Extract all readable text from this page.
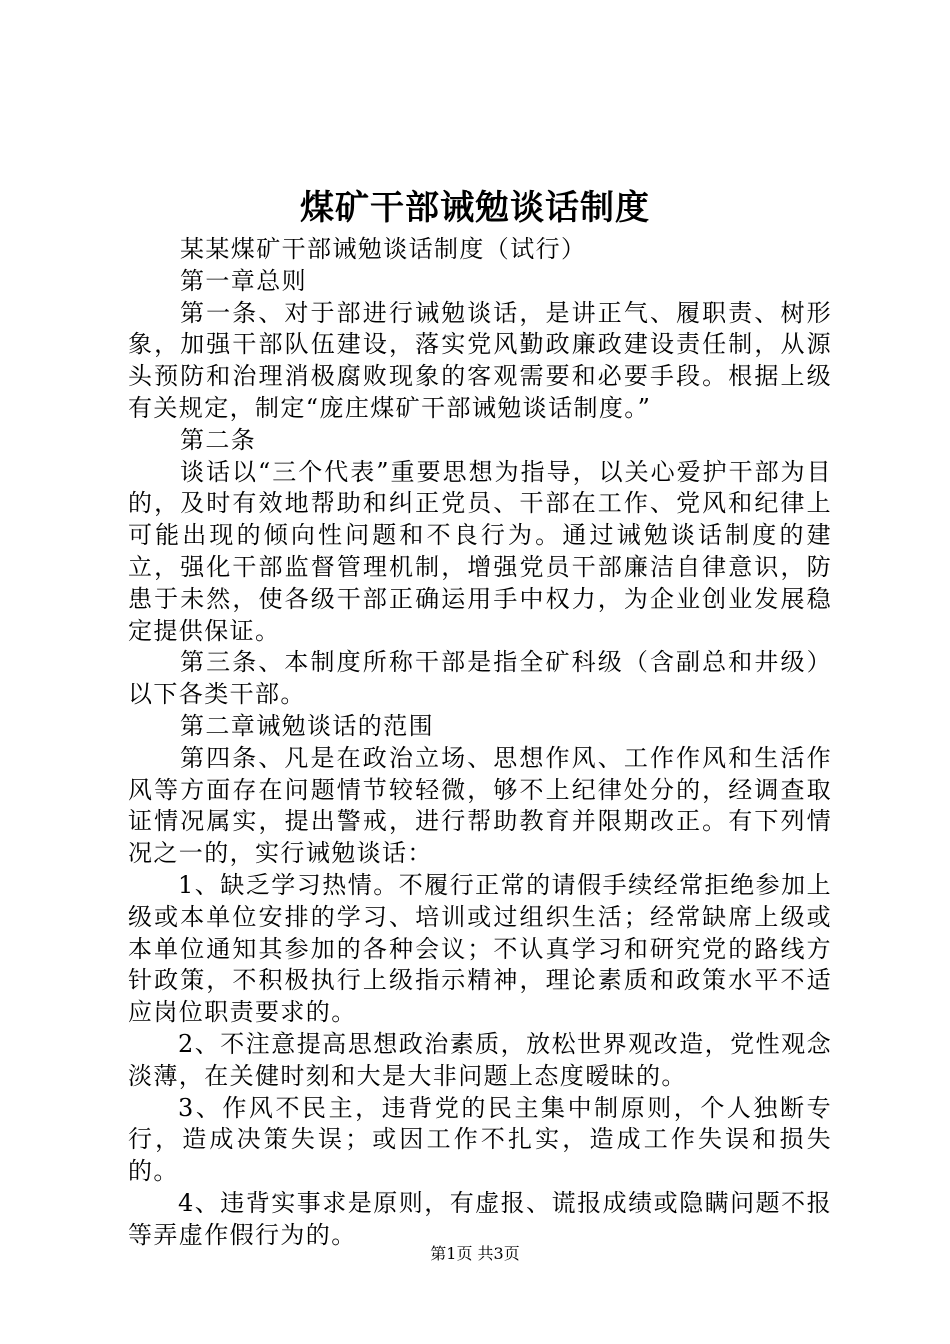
煤矿干部诫勉谈话制度

某某煤矿干部诫勉谈话制度（试行）

第一章总则

第一条、对于部进行诫勉谈话，是讲正气、履职责、树形象，加强干部队伍建设，落实党风勤政廉政建设责任制，从源头预防和治理消极腐败现象的客观需要和必要手段。根据上级有关规定，制定“庞庄煤矿干部诫勉谈话制度。”

第二条

谈话以“三个代表”重要思想为指导，以关心爱护干部为目的，及时有效地帮助和纠正党员、干部在工作、党风和纪律上可能出现的倾向性问题和不良行为。通过诫勉谈话制度的建立，强化干部监督管理机制，增强党员干部廉洁自律意识，防患于未然，使各级干部正确运用手中权力，为企业创业发展稳定提供保证。

第三条、本制度所称干部是指全矿科级（含副总和井级）以下各类干部。

第二章诫勉谈话的范围

第四条、凡是在政治立场、思想作风、工作作风和生活作风等方面存在问题情节较轻微，够不上纪律处分的，经调查取证情况属实，提出警戒，进行帮助教育并限期改正。有下列情况之一的，实行诫勉谈话：

1、缺乏学习热情。不履行正常的请假手续经常拒绝参加上级或本单位安排的学习、培训或过组织生活；经常缺席上级或本单位通知其参加的各种会议；不认真学习和研究党的路线方针政策，不积极执行上级指示精神，理论素质和政策水平不适应岗位职责要求的。

2、不注意提高思想政治素质，放松世界观改造，党性观念淡薄，在关健时刻和大是大非问题上态度暧昧的。

3、作风不民主，违背党的民主集中制原则，个人独断专行，造成决策失误；或因工作不扎实，造成工作失误和损失的。

4、违背实事求是原则，有虚报、谎报成绩或隐瞒问题不报等弄虚作假行为的。

第1页 共3页
